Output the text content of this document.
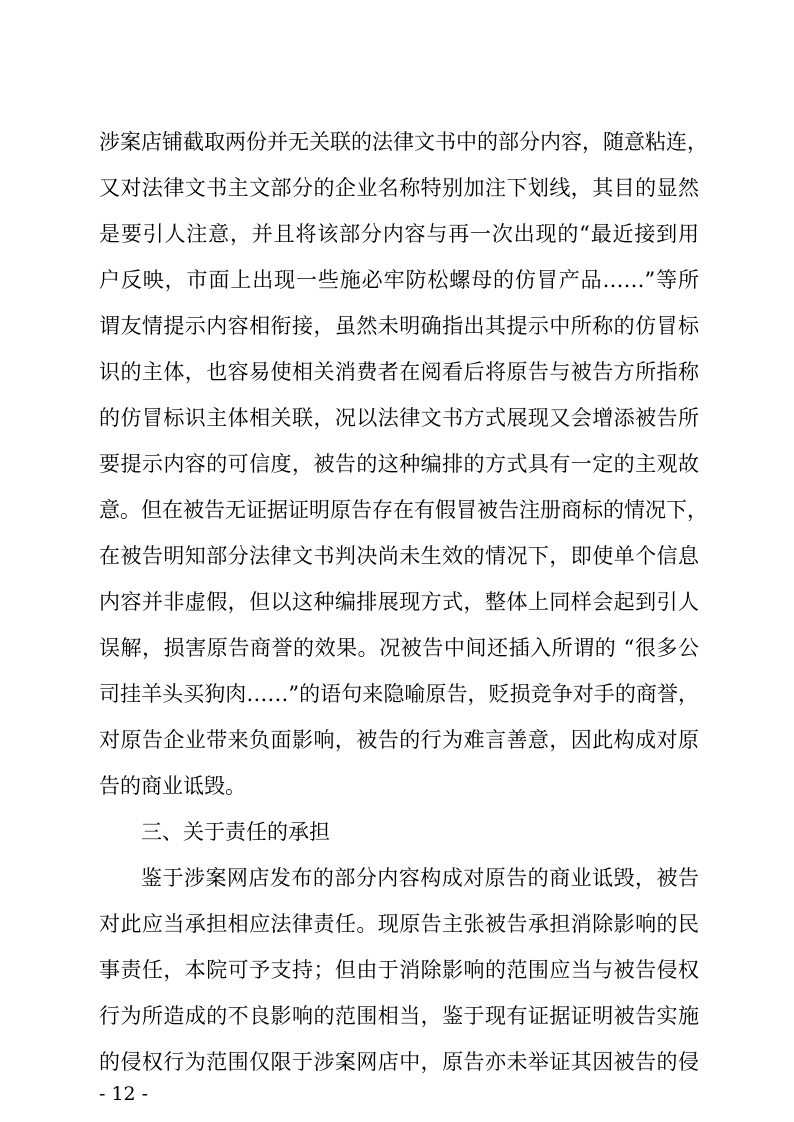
涉案店铺截取两份并无关联的法律文书中的部分内容，随意粘连，
又对法律文书主文部分的企业名称特别加注下划线，其目的显然
是要引人注意，并且将该部分内容与再一次出现的“最近接到用
户反映，市面上出现一些施必牢防松螺母的仿冒产品……”等所
谓友情提示内容相衔接，虽然未明确指出其提示中所称的仿冒标
识的主体，也容易使相关消费者在阅看后将原告与被告方所指称
的仿冒标识主体相关联，况以法律文书方式展现又会增添被告所
要提示内容的可信度，被告的这种编排的方式具有一定的主观故
意。但在被告无证据证明原告存在有假冒被告注册商标的情况下，
在被告明知部分法律文书判决尚未生效的情况下，即使单个信息
内容并非虚假，但以这种编排展现方式，整体上同样会起到引人
误解，损害原告商誉的效果。况被告中间还插入所谓的 “很多公
司挂羊头买狗肉……”的语句来隐喻原告，贬损竞争对手的商誉，
对原告企业带来负面影响，被告的行为难言善意，因此构成对原
告的商业诋毁。
三、关于责任的承担
鉴于涉案网店发布的部分内容构成对原告的商业诋毁，被告
对此应当承担相应法律责任。现原告主张被告承担消除影响的民
事责任，本院可予支持；但由于消除影响的范围应当与被告侵权
行为所造成的不良影响的范围相当，鉴于现有证据证明被告实施
的侵权行为范围仅限于涉案网店中，原告亦未举证其因被告的侵
- 12 -
